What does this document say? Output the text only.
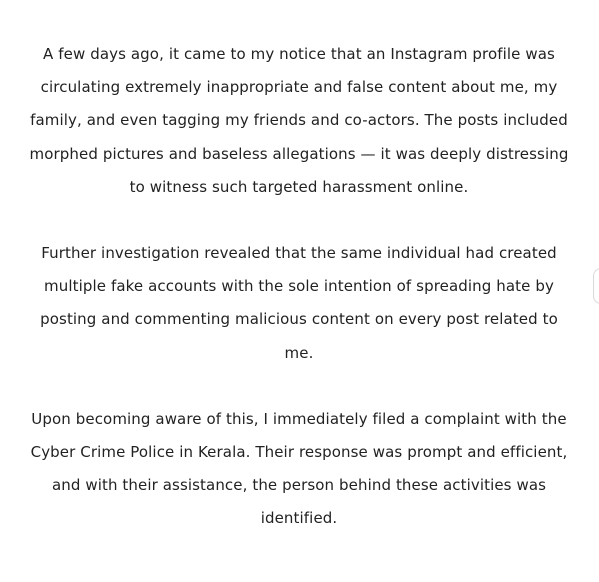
A few days ago, it came to my notice that an Instagram profile was circulating extremely inappropriate and false content about me, my family, and even tagging my friends and co-actors. The posts included morphed pictures and baseless allegations — it was deeply distressing to witness such targeted harassment online.

Further investigation revealed that the same individual had created multiple fake accounts with the sole intention of spreading hate by posting and commenting malicious content on every post related to me.

Upon becoming aware of this, I immediately filed a complaint with the Cyber Crime Police in Kerala. Their response was prompt and efficient, and with their assistance, the person behind these activities was identified.
